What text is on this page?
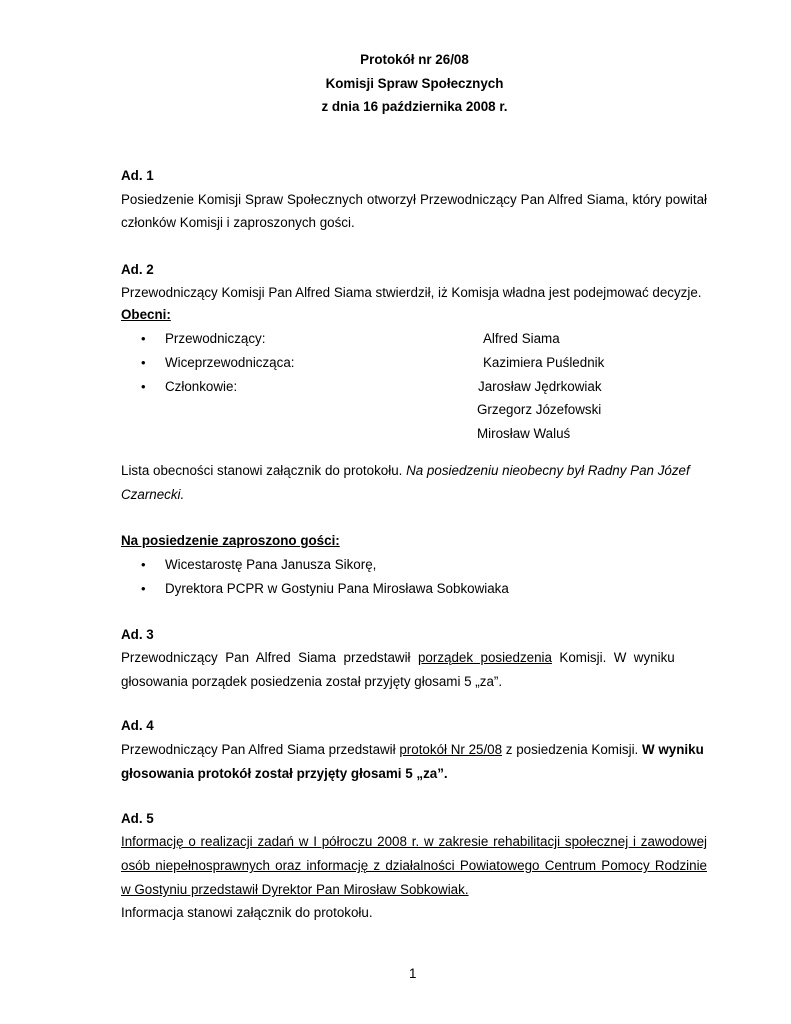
Protokół nr 26/08
Komisji Spraw Społecznych
z dnia 16 października 2008 r.
Ad. 1
Posiedzenie Komisji Spraw Społecznych otworzył Przewodniczący Pan Alfred Siama, który powitał
członków Komisji i zaproszonych gości.
Ad. 2
Przewodniczący Komisji Pan Alfred Siama stwierdził, iż Komisja władna jest podejmować decyzje.
Obecni:
• Przewodniczący:	Alfred Siama
• Wiceprzewodnicząca:	Kazimiera Puślednik
• Członkowie:	Jarosław Jędrkowiak
Grzegorz Józefowski
Mirosław Waluś
Lista obecności stanowi załącznik do protokołu. Na posiedzeniu nieobecny był Radny Pan Józef
Czarnecki.
Na posiedzenie zaproszono gości:
• Wicestarostę Pana Janusza Sikorę,
• Dyrektora PCPR w Gostyniu Pana Mirosława Sobkowiaka
Ad. 3
Przewodniczący  Pan  Alfred  Siama  przedstawił  porządek  posiedzenia  Komisji.  W  wyniku
głosowania porządek posiedzenia został przyjęty głosami 5 „za”.
Ad. 4
Przewodniczący Pan Alfred Siama przedstawił protokół Nr 25/08 z posiedzenia Komisji. W wyniku
głosowania protokół został przyjęty głosami 5 „za”.
Ad. 5
Informację o realizacji zadań w I półroczu 2008 r. w zakresie rehabilitacji społecznej i zawodowej
osób niepełnosprawnych oraz informację z działalności Powiatowego Centrum Pomocy Rodzinie
w Gostyniu przedstawił Dyrektor Pan Mirosław Sobkowiak.
Informacja stanowi załącznik do protokołu.
1
